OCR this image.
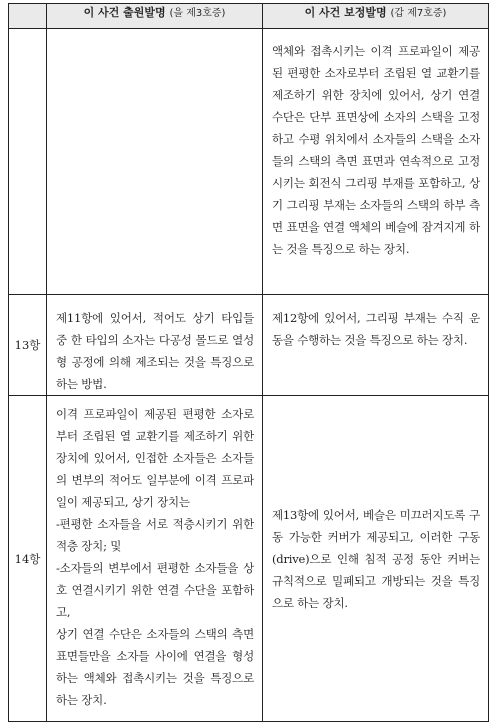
	이 사건 출원발명 (을 제3호증)	이 사건 보정발명 (갑 제7호증)
		액체와 접촉시키는 이격 프로파일이 제공된 편평한 소자로부터 조립된 열 교환기를 제조하기 위한 장치에 있어서, 상기 연결 수단은 단부 표면상에 소자의 스택을 고정하고 수평 위치에서 소자들의 스택을 소자들의 스택의 측면 표면과 연속적으로 고정시키는 회전식 그리핑 부재를 포함하고, 상기 그리핑 부재는 소자들의 스택의 하부 측면 표면을 연결 액체의 베슬에 잠겨지게 하는 것을 특징으로 하는 장치.
13항	제11항에 있어서, 적어도 상기 타입들 중 한 타입의 소자는 다공성 몰드로 열성형 공정에 의해 제조되는 것을 특징으로 하는 방법.	제12항에 있어서, 그리핑 부재는 수직 운동을 수행하는 것을 특징으로 하는 장치.
14항	이격 프로파일이 제공된 편평한 소자로부터 조립된 열 교환기를 제조하기 위한 장치에 있어서, 인접한 소자들은 소자들의 변부의 적어도 일부분에 이격 프로파일이 제공되고, 상기 장치는

-편평한 소자들을 서로 적층시키기 위한 적층 장치; 및

-소자들의 변부에서 편평한 소자들을 상호 연결시키기 위한 연결 수단을 포함하고,

상기 연결 수단은 소자들의 스택의 측면 표면들만을 소자들 사이에 연결을 형성하는 액체와 접촉시키는 것을 특징으로 하는 장치.	제13항에 있어서, 베슬은 미끄러지도록 구동 가능한 커버가 제공되고, 이러한 구동(drive)으로 인해 침적 공정 동안 커버는 규칙적으로 밀폐되고 개방되는 것을 특징으로 하는 장치.
